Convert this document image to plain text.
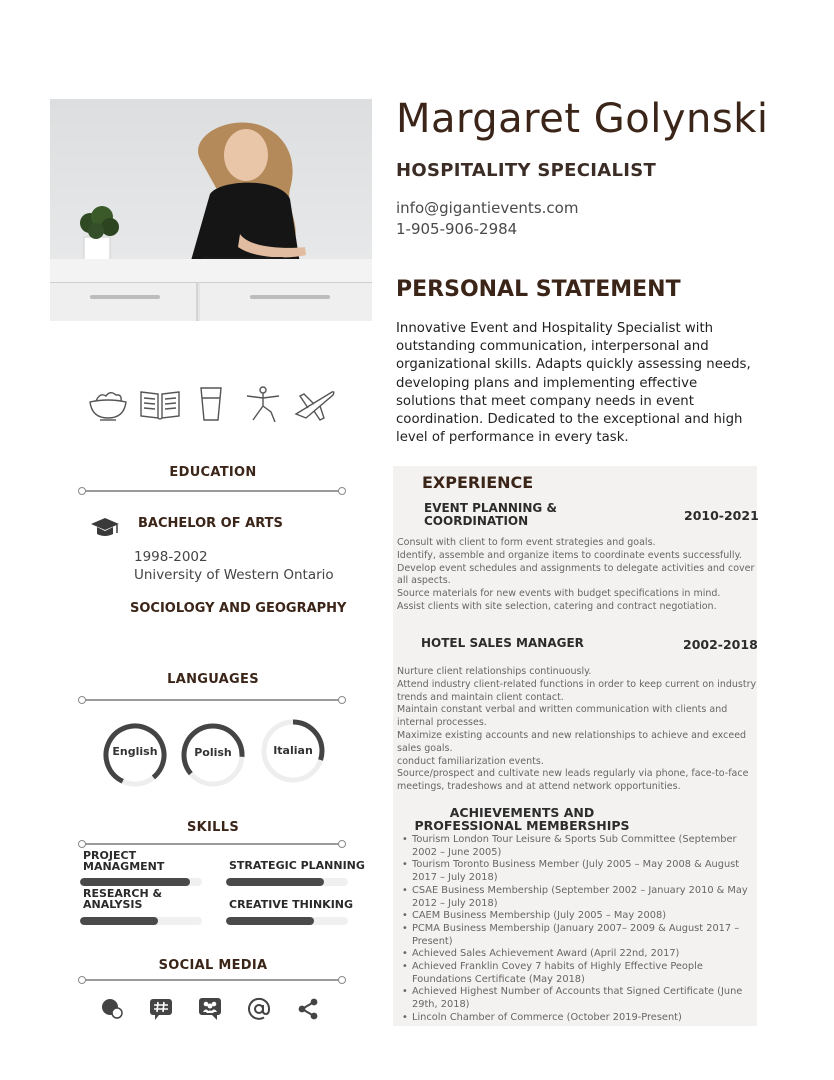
Margaret Golynski
HOSPITALITY SPECIALIST
info@gigantievents.com
1-905-906-2984
PERSONAL STATEMENT
Innovative Event and Hospitality Specialist with outstanding communication, interpersonal and organizational skills. Adapts quickly assessing needs, developing plans and implementing effective solutions that meet company needs in event coordination. Dedicated to the exceptional and high level of performance in every task.
EDUCATION
BACHELOR OF ARTS
1998-2002
University of Western Ontario
SOCIOLOGY AND GEOGRAPHY
LANGUAGES
English	Polish	Italian
SKILLS
PROJECT MANAGMENT	STRATEGIC PLANNING
RESEARCH & ANALYSIS	CREATIVE THINKING
SOCIAL MEDIA
EXPERIENCE
EVENT PLANNING & COORDINATION	2010-2021
Consult with client to form event strategies and goals.
Identify, assemble and organize items to coordinate events successfully.
Develop event schedules and assignments to delegate activities and cover all aspects.
Source materials for new events with budget specifications in mind.
Assist clients with site selection, catering and contract negotiation.
HOTEL SALES MANAGER	2002-2018
Nurture client relationships continuously.
Attend industry client-related functions in order to keep current on industry trends and maintain client contact.
Maintain constant verbal and written communication with clients and internal processes.
Maximize existing accounts and new relationships to achieve and exceed sales goals.
conduct familiarization events.
Source/prospect and cultivate new leads regularly via phone, face-to-face meetings, tradeshows and at attend network opportunities.
ACHIEVEMENTS AND PROFESSIONAL MEMBERSHIPS
• Tourism London Tour Leisure & Sports Sub Committee (September 2002 – June 2005)
• Tourism Toronto Business Member (July 2005 – May 2008 & August 2017 – July 2018)
• CSAE Business Membership (September 2002 – January 2010 & May 2012 – July 2018)
• CAEM Business Membership (July 2005 – May 2008)
• PCMA Business Membership (January 2007– 2009 & August 2017 – Present)
• Achieved Sales Achievement Award (April 22nd, 2017)
• Achieved Franklin Covey 7 habits of Highly Effective People Foundations Certificate (May 2018)
• Achieved Highest Number of Accounts that Signed Certificate (June 29th, 2018)
• Lincoln Chamber of Commerce (October 2019-Present)
